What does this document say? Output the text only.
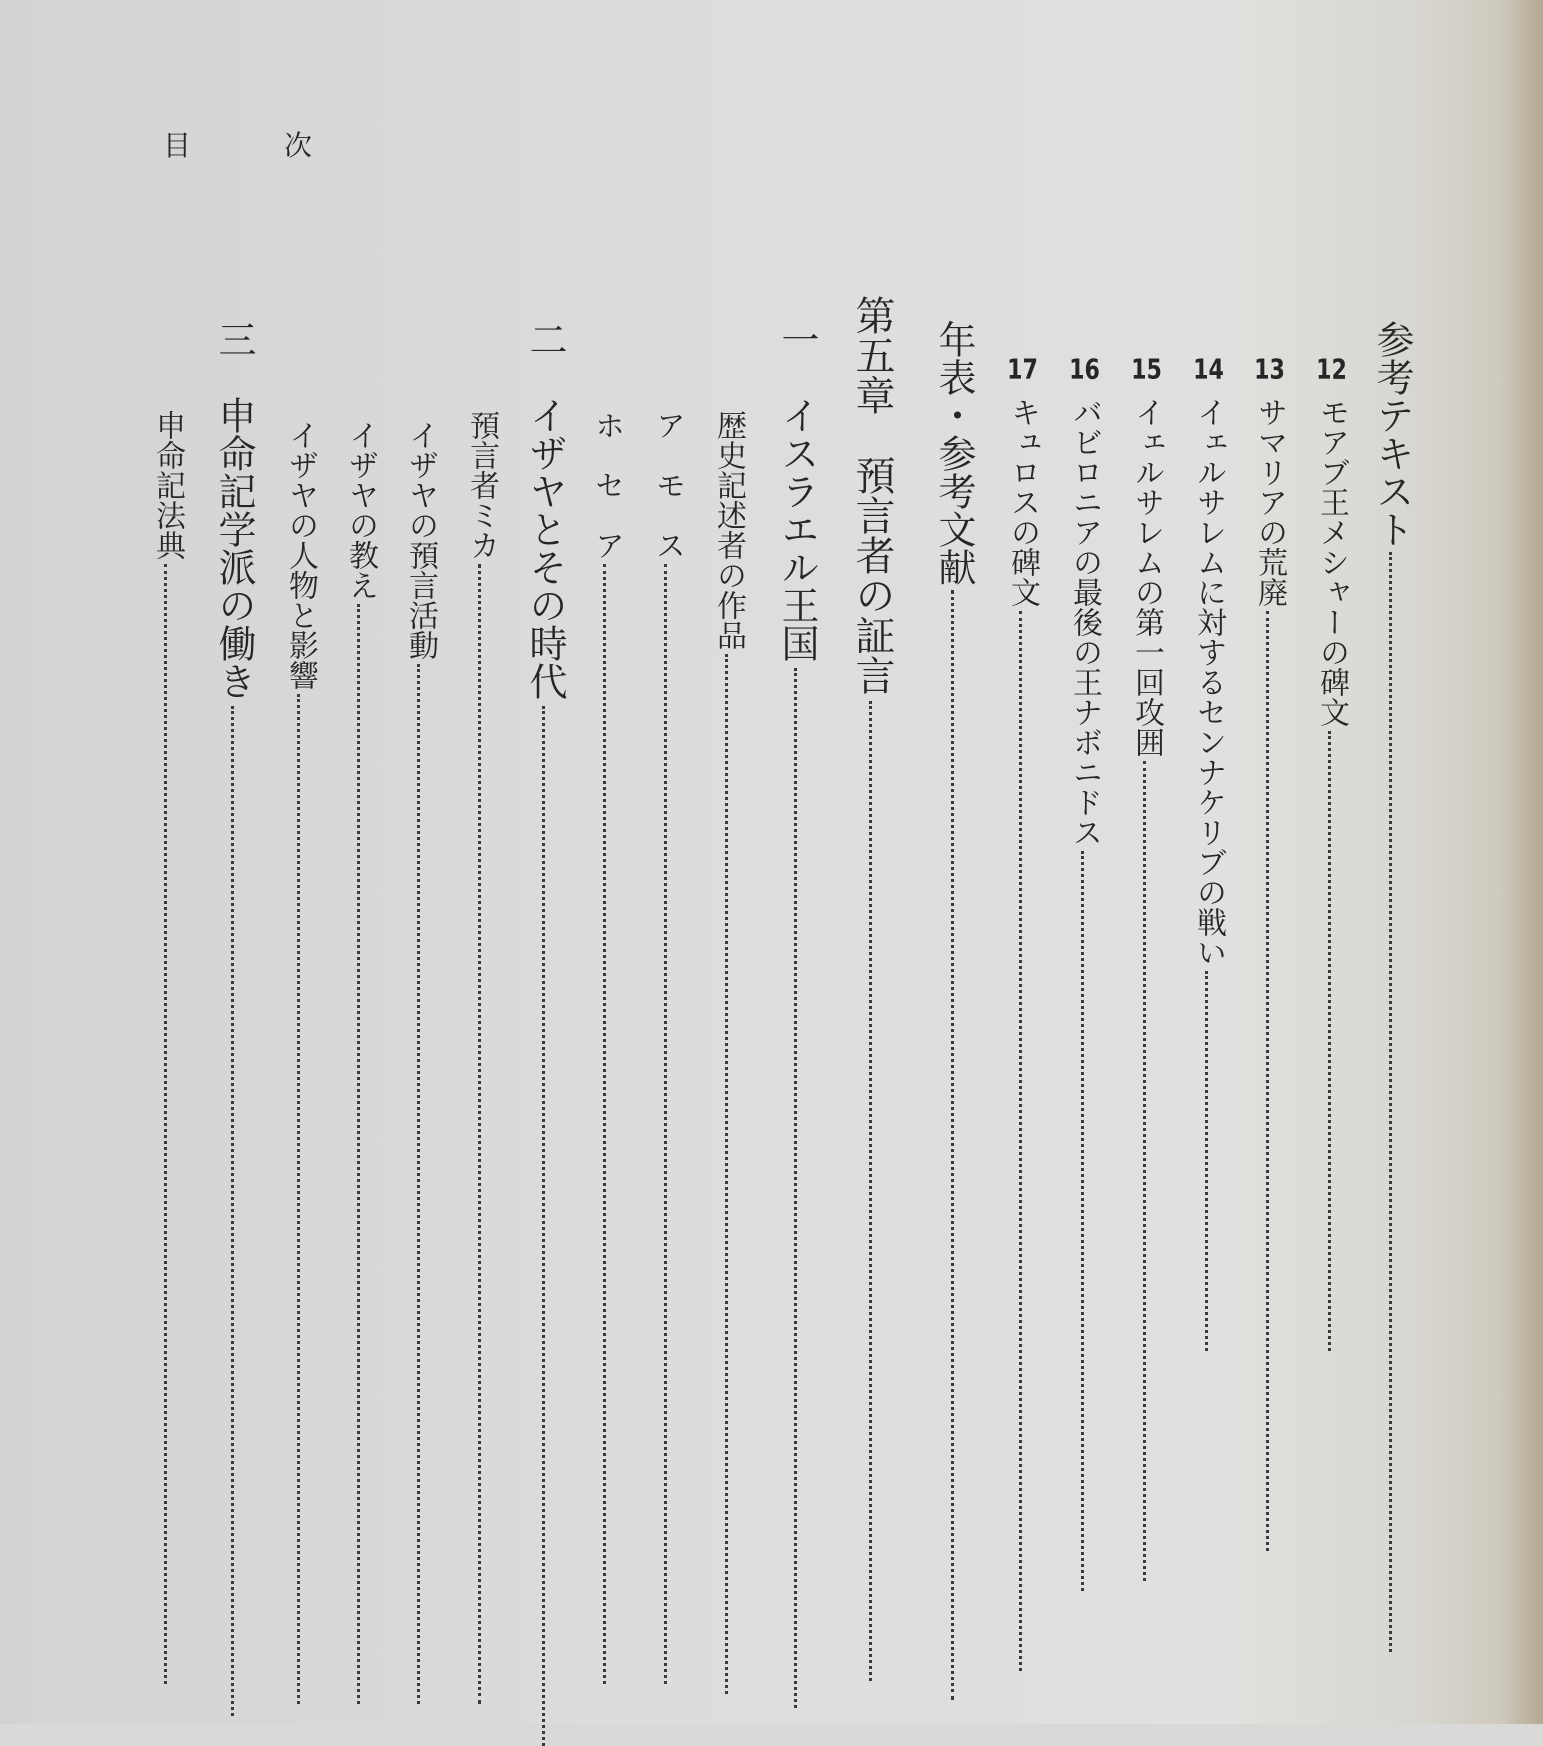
目	次
参考テキスト
12モアブ王メシャーの碑文
13サマリアの荒廃
14イェルサレムに対するセンナケリブの戦い
15イェルサレムの第一回攻囲
16バビロニアの最後の王ナボニドス
17キュロスの碑文
年表・参考文献
第五章　預言者の証言
一　イスラエル王国
歴史記述者の作品
ア　モ　ス
ホ　セ　ア
二　イザヤとその時代
預言者ミカ
イザヤの預言活動
イザヤの教え
イザヤの人物と影響
三　申命記学派の働き
申命記法典
